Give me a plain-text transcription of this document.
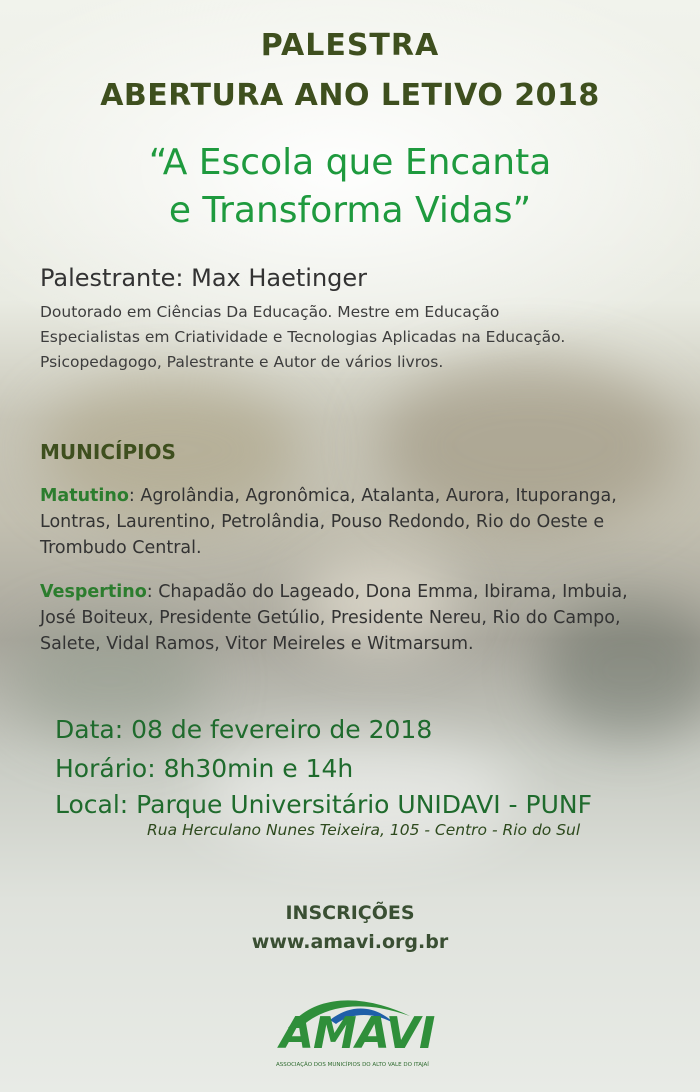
PALESTRA
ABERTURA ANO LETIVO 2018
“A Escola que Encanta
e Transforma Vidas”
Palestrante: Max Haetinger
Doutorado em Ciências Da Educação. Mestre em Educação
Especialistas em Criatividade e Tecnologias Aplicadas na Educação.
Psicopedagogo, Palestrante e Autor de vários livros.
MUNICÍPIOS
Matutino: Agrolândia, Agronômica, Atalanta, Aurora, Ituporanga, Lontras, Laurentino, Petrolândia, Pouso Redondo, Rio do Oeste e Trombudo Central.
Vespertino: Chapadão do Lageado, Dona Emma, Ibirama, Imbuia, José Boiteux, Presidente Getúlio, Presidente Nereu, Rio do Campo, Salete, Vidal Ramos, Vitor Meireles e Witmarsum.
Data: 08 de fevereiro de 2018
Horário: 8h30min e 14h
Local: Parque Universitário UNIDAVI - PUNF
Rua Herculano Nunes Teixeira, 105 - Centro - Rio do Sul
INSCRIÇÕES
www.amavi.org.br
AMAVI
ASSOCIAÇÃO DOS MUNICÍPIOS DO ALTO VALE DO ITAJAÍ
